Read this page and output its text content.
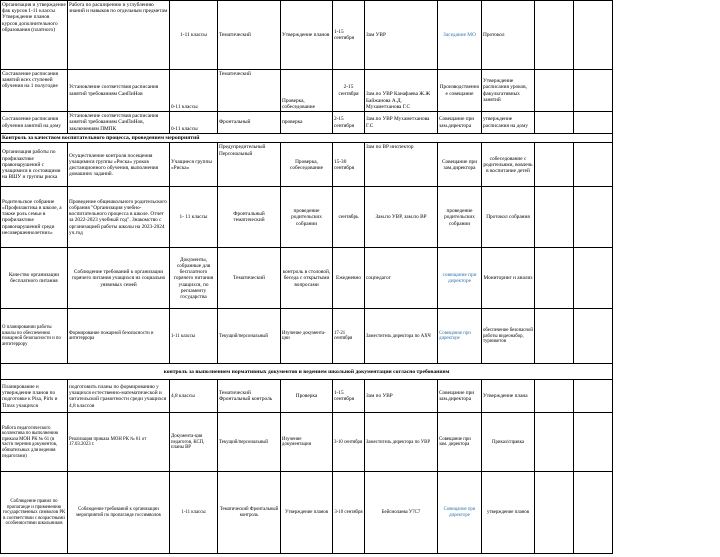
Организация и утверждение фак курсов 1-11 классы Утверждение планов курсов дополнительного образования (платного)	Работа по расширению и углублению знаний и навыков по отдельным предметам	1-11 классы	Тематический	Утверждение планов	1-15 сентября	Зам УВР	Заседание МО	Протокол		
Составление расписания занятий всех ступеней обучения на 1 полугодие	Установление соответствия расписания занятий требованиям СанПиНов	0-11 классы	Тематический	Проверка, собеседование	2-15 сентября	Зам.по УВР Канафаева Ж.Ж Байжанова А.Д. Мухаметханова Г.С	Производственное совещание	Утверждение расписания уроков, факультативных занятий		
Составление расписания обучения занятий на дому	Установление соответствия расписания занятий требованиям СанПиНов, заключениям ПМПК	0-11 классы	Фронтальный	проверка	2-15 сентября	Зам.по УВР Мухаметханова Г.С	Совещание при зам.директора	утверждение расписания на дому		
Контроль за качеством воспитательного процесса, проведением мероприятий										
Организация работы по профилактике правонарушений с учащимися в состоящими на ВШУ и группы риска	Осуществление контроля посещения учащимися группы «Риска» уроков дистанционного обучения, выполнения домашних заданий.	Учащиеся группы «Риска»	Предупредительный Персональный	Проверка, собеседование	15-30 сентября	Зам по ВР инспектор	Совещание при зам.директора	собеседование с родительями, вовлечь в воспитание детей		
Родительское собрание «Профилактика в школе, а также роль семьи в профилактике правонарушений среди несовершеннолетних»	Проведение общешкольного родительского собрания "Организация учебно-воспитательного процесса в школе. Отчет за 2022-2023 учебный год". Знакомство с организацией работы школы на 2023-2024 уч.год	1- 11 классы	Фронтальный тематический	проведение родительских собрании	сентябрь	Зам.по УВР, зам.по ВР	проведение родительских собрании	Протокол собрания		
Качество организации бесплатного питания	Соблюдение требований к организации горячего питания учащихся из социально уязвимых семей	Документы, собранные для бесплатного горячего питания учащихся, по регламенту государства	Тематический	контроль в столовой, беседа с открытыми вопросами	Ежедневно	соцпедагог	совещание при директоре	Мониторинг и анализ		
О планировании работы школы по обеспечению пожарной безопасности и по антитеррору	Формирование пожарной безопасности и антитеррора	1-11 классы	Текущий/персональный	Изучение документа-ции	17-21 сентября	Заместитель директора по АХЧ	Совещание при директоре	обеспечение безопасной работы видеонабор, турникетов		
контроль за выполнением нормативных документов и ведением школьной документации согласно требованиям										
Планирование и утверждение планов по подготовке к Pisa, Pirls и Timss учащихся	подготовить планы по формированию у учащихся естественно-математической и читательской грамотности среди учащихся 4,8 классов	4,8 классы	Тематический Фронтальный контроль	Проверка	1-15 сентября	Зам по УВР	Совещание при зам.директора	Утверждение плана		
Работа педагогического коллектива по выполнению приказа МОН РК № 61 (в части перечня документов, обязательных для ведения педагогами)	Реализация приказа МОН РК № 61 от 17.03.2023 г.	Документа-ция педагогов, КСП, планы ВР	Текущий/персональный	Изучение документации	3-10 сентября	Заместитель директора по УВР	Совещание при зам. директора	Приказ/справка		
Соблюдение правил по пропаганде и применению государственных символов РК в соответствии с возрастными особенностями школьников	Соблюдение требований к организации мероприятий по пропаганде госсимволов	1-11 классы	Тематический Фронтальный контроль	Утверждение планов	3-10 сентября	Бейсмолаева У7С7	Совещание при директоре	утверждение планов		
.
